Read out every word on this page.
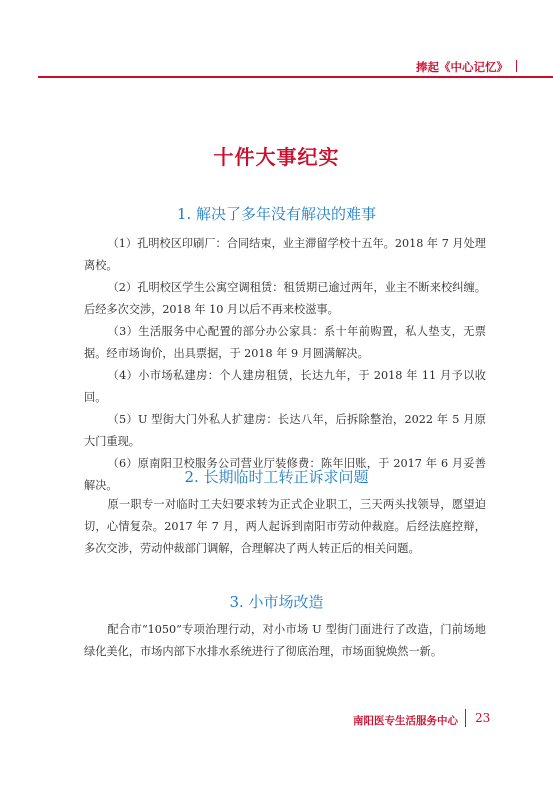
捧起《中心记忆》
十件大事纪实
1. 解决了多年没有解决的难事

（1）孔明校区印刷厂：合同结束，业主滞留学校十五年。2018 年 7 月处理离校。

（2）孔明校区学生公寓空调租赁：租赁期已逾过两年，业主不断来校纠缠。后经多次交涉，2018 年 10 月以后不再来校滋事。

（3）生活服务中心配置的部分办公家具：系十年前购置，私人垫支，无票据。经市场询价，出具票据，于 2018 年 9 月圆满解决。

（4）小市场私建房：个人建房租赁，长达九年，于 2018 年 11 月予以收回。

（5）U 型街大门外私人扩建房：长达八年，后拆除整治，2022 年 5 月原大门重现。

（6）原南阳卫校服务公司营业厅装修费：陈年旧账，于 2017 年 6 月妥善解决。	2. 长期临时工转正诉求问题

原一职专一对临时工夫妇要求转为正式企业职工，三天两头找领导，愿望迫切，心情复杂。2017 年 7 月，两人起诉到南阳市劳动仲裁庭。后经法庭控辩，多次交涉，劳动仲裁部门调解，合理解决了两人转正后的相关问题。

3. 小市场改造

配合市“1050”专项治理行动，对小市场 U 型街门面进行了改造，门前场地绿化美化，市场内部下水排水系统进行了彻底治理，市场面貌焕然一新。

南阳医专生活服务中心 23
